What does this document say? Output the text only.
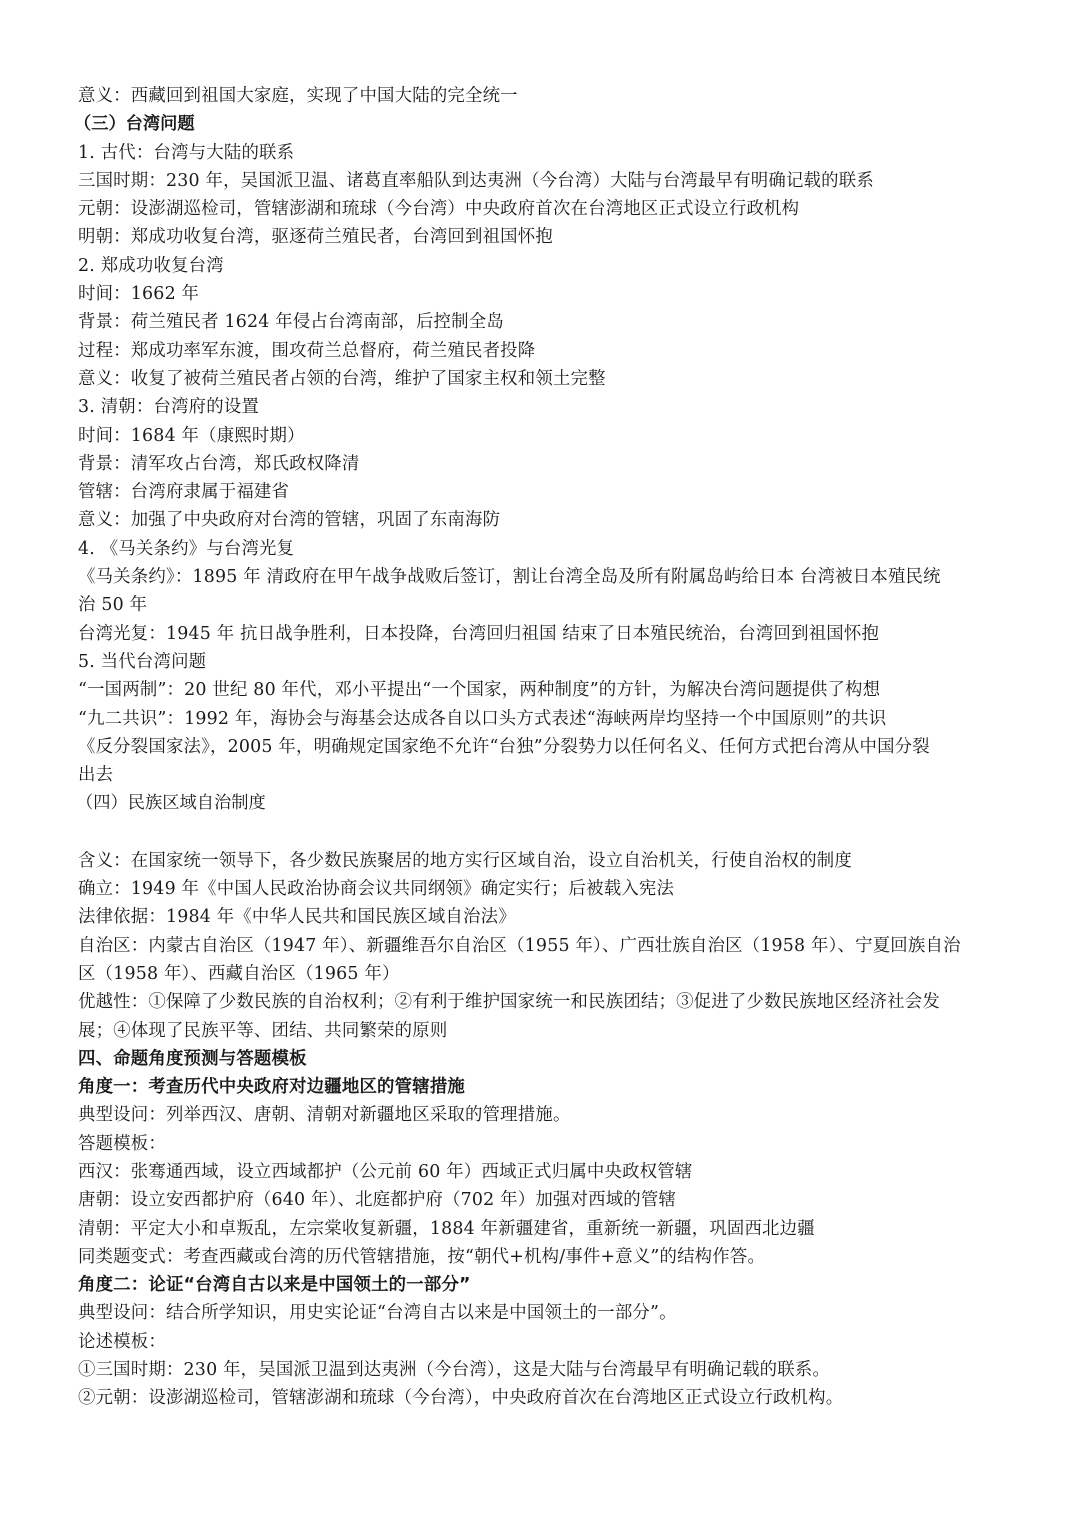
意义：西藏回到祖国大家庭，实现了中国大陆的完全统一
（三）台湾问题
1. 古代：台湾与大陆的联系
三国时期：230 年，吴国派卫温、诸葛直率船队到达夷洲（今台湾）大陆与台湾最早有明确记载的联系
元朝：设澎湖巡检司，管辖澎湖和琉球（今台湾）中央政府首次在台湾地区正式设立行政机构
明朝：郑成功收复台湾，驱逐荷兰殖民者，台湾回到祖国怀抱
2. 郑成功收复台湾
时间：1662 年
背景：荷兰殖民者 1624 年侵占台湾南部，后控制全岛
过程：郑成功率军东渡，围攻荷兰总督府，荷兰殖民者投降
意义：收复了被荷兰殖民者占领的台湾，维护了国家主权和领土完整
3. 清朝：台湾府的设置
时间：1684 年（康熙时期）
背景：清军攻占台湾，郑氏政权降清
管辖：台湾府隶属于福建省
意义：加强了中央政府对台湾的管辖，巩固了东南海防
4. 《马关条约》与台湾光复
《马关条约》：1895 年 清政府在甲午战争战败后签订，割让台湾全岛及所有附属岛屿给日本 台湾被日本殖民统
治 50 年
台湾光复：1945 年 抗日战争胜利，日本投降，台湾回归祖国 结束了日本殖民统治，台湾回到祖国怀抱
5. 当代台湾问题
“一国两制”：20 世纪 80 年代，邓小平提出“一个国家，两种制度”的方针，为解决台湾问题提供了构想
“九二共识”：1992 年，海协会与海基会达成各自以口头方式表述“海峡两岸均坚持一个中国原则”的共识
《反分裂国家法》，2005 年，明确规定国家绝不允许“台独”分裂势力以任何名义、任何方式把台湾从中国分裂
出去
（四）民族区域自治制度
含义：在国家统一领导下，各少数民族聚居的地方实行区域自治，设立自治机关，行使自治权的制度
确立：1949 年《中国人民政治协商会议共同纲领》确定实行；后被载入宪法
法律依据：1984 年《中华人民共和国民族区域自治法》
自治区：内蒙古自治区（1947 年）、新疆维吾尔自治区（1955 年）、广西壮族自治区（1958 年）、宁夏回族自治
区（1958 年）、西藏自治区（1965 年）
优越性：①保障了少数民族的自治权利；②有利于维护国家统一和民族团结；③促进了少数民族地区经济社会发
展；④体现了民族平等、团结、共同繁荣的原则
四、命题角度预测与答题模板
角度一：考查历代中央政府对边疆地区的管辖措施
典型设问：列举西汉、唐朝、清朝对新疆地区采取的管理措施。
答题模板：
西汉：张骞通西域，设立西域都护（公元前 60 年）西域正式归属中央政权管辖
唐朝：设立安西都护府（640 年）、北庭都护府（702 年）加强对西域的管辖
清朝：平定大小和卓叛乱，左宗棠收复新疆，1884 年新疆建省，重新统一新疆，巩固西北边疆
同类题变式：考查西藏或台湾的历代管辖措施，按“朝代+机构/事件+意义”的结构作答。
角度二：论证“台湾自古以来是中国领土的一部分”
典型设问：结合所学知识，用史实论证“台湾自古以来是中国领土的一部分”。
论述模板：
①三国时期：230 年，吴国派卫温到达夷洲（今台湾），这是大陆与台湾最早有明确记载的联系。
②元朝：设澎湖巡检司，管辖澎湖和琉球（今台湾），中央政府首次在台湾地区正式设立行政机构。
